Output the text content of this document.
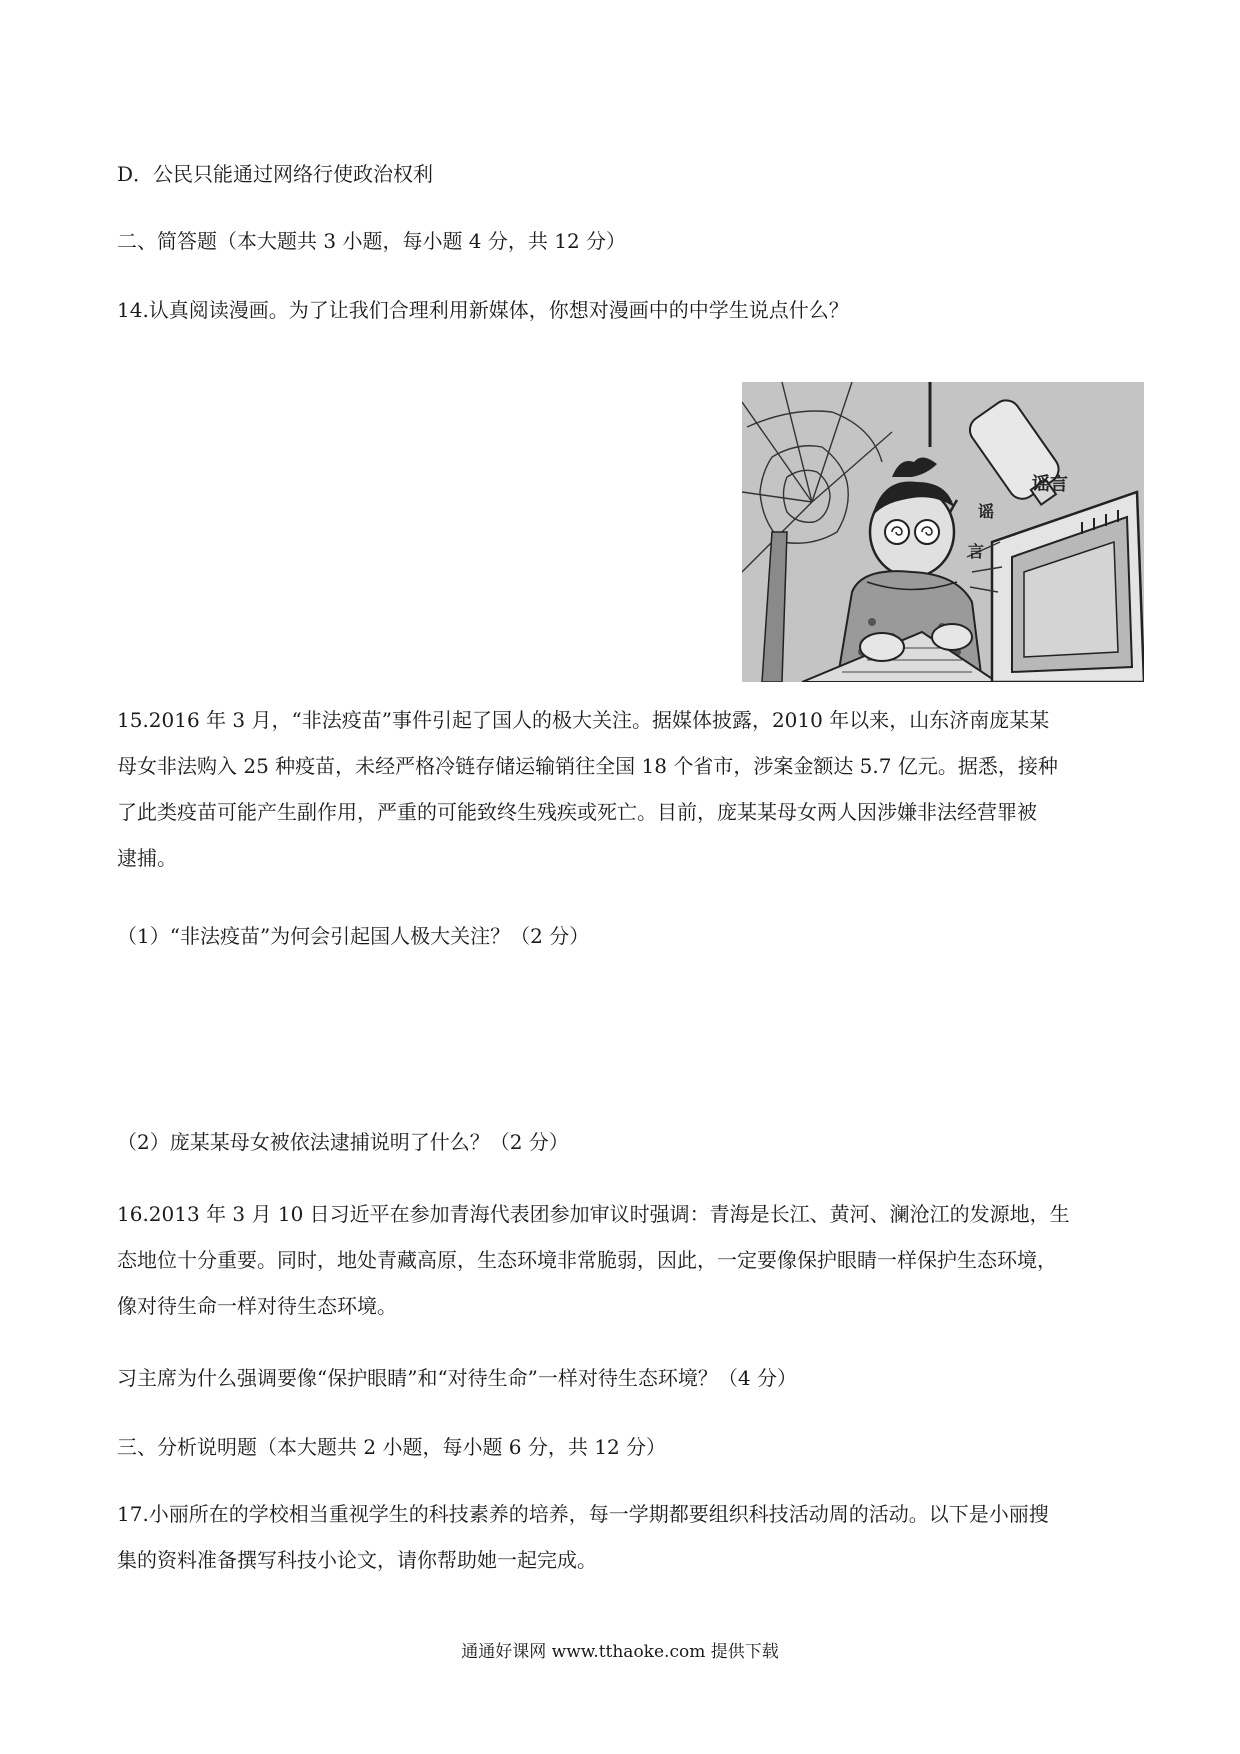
D．公民只能通过网络行使政治权利
二、简答题（本大题共 3 小题，每小题 4 分，共 12 分）
14.认真阅读漫画。为了让我们合理利用新媒体，你想对漫画中的中学生说点什么？
谣言
谣
言
15.2016 年 3 月，“非法疫苗”事件引起了国人的极大关注。据媒体披露，2010 年以来，山东济南庞某某
母女非法购入 25 种疫苗，未经严格冷链存储运输销往全国 18 个省市，涉案金额达 5.7 亿元。据悉，接种
了此类疫苗可能产生副作用，严重的可能致终生残疾或死亡。目前，庞某某母女两人因涉嫌非法经营罪被
逮捕。
（1）“非法疫苗”为何会引起国人极大关注？（2 分）
（2）庞某某母女被依法逮捕说明了什么？（2 分）
16.2013 年 3 月 10 日习近平在参加青海代表团参加审议时强调：青海是长江、黄河、澜沧江的发源地，生
态地位十分重要。同时，地处青藏高原，生态环境非常脆弱，因此，一定要像保护眼睛一样保护生态环境，
像对待生命一样对待生态环境。
习主席为什么强调要像“保护眼睛”和“对待生命”一样对待生态环境？（4 分）
三、分析说明题（本大题共 2 小题，每小题 6 分，共 12 分）
17.小丽所在的学校相当重视学生的科技素养的培养，每一学期都要组织科技活动周的活动。以下是小丽搜
集的资料准备撰写科技小论文，请你帮助她一起完成。
通通好课网 www.tthaoke.com 提供下载
